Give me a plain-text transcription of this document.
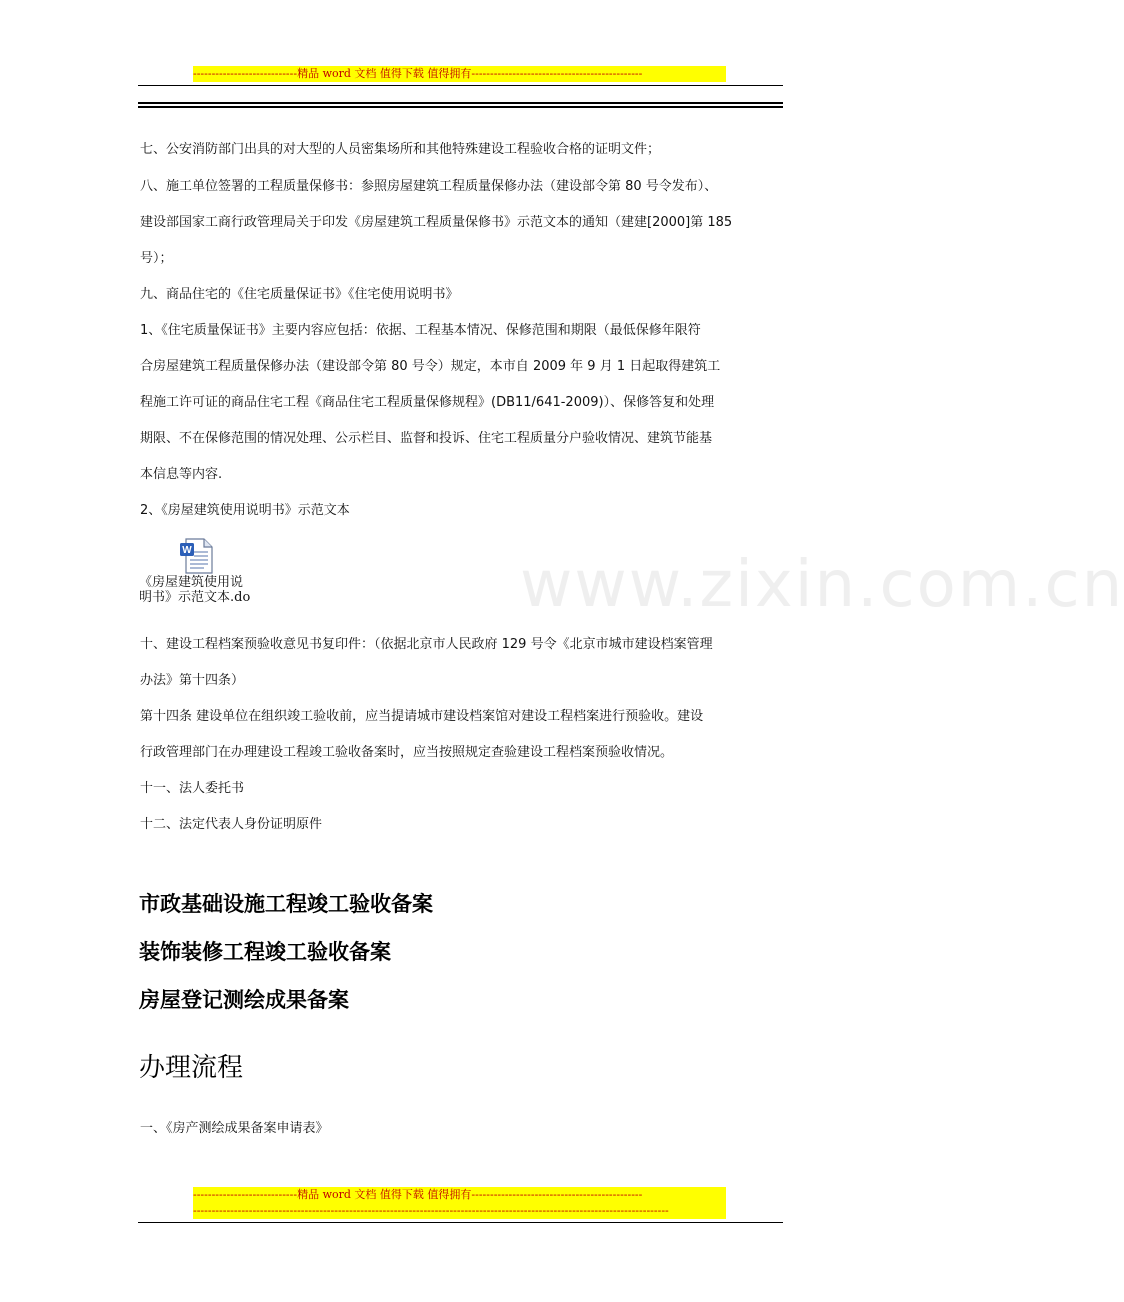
----------------------------精品 word 文档 值得下载 值得拥有----------------------------------------------
www.zixin.com.cn
七、公安消防部门出具的对大型的人员密集场所和其他特殊建设工程验收合格的证明文件；
八、施工单位签署的工程质量保修书：参照房屋建筑工程质量保修办法（建设部令第 80 号令发布）、
建设部国家工商行政管理局关于印发《房屋建筑工程质量保修书》示范文本的通知（建建[2000]第 185
号）；
九、商品住宅的《住宅质量保证书》《住宅使用说明书》
1、《住宅质量保证书》主要内容应包括：依据、工程基本情况、保修范围和期限（最低保修年限符
合房屋建筑工程质量保修办法（建设部令第 80 号令）规定，本市自 2009 年 9 月 1 日起取得建筑工
程施工许可证的商品住宅工程《商品住宅工程质量保修规程》(DB11/641-2009)）、保修答复和处理
期限、不在保修范围的情况处理、公示栏目、监督和投诉、住宅工程质量分户验收情况、建筑节能基
本信息等内容.
2、《房屋建筑使用说明书》示范文本
W
《房屋建筑使用说
明书》示范文本.do
十、建设工程档案预验收意见书复印件：（依据北京市人民政府 129 号令《北京市城市建设档案管理
办法》第十四条）
第十四条 建设单位在组织竣工验收前，应当提请城市建设档案馆对建设工程档案进行预验收。建设
行政管理部门在办理建设工程竣工验收备案时，应当按照规定查验建设工程档案预验收情况。
十一、法人委托书
十二、法定代表人身份证明原件
市政基础设施工程竣工验收备案
装饰装修工程竣工验收备案
房屋登记测绘成果备案
办理流程
一、《房产测绘成果备案申请表》
----------------------------精品 word 文档 值得下载 值得拥有----------------------------------------------
--------------------------------------------------------------------------------------------------------------------------------
